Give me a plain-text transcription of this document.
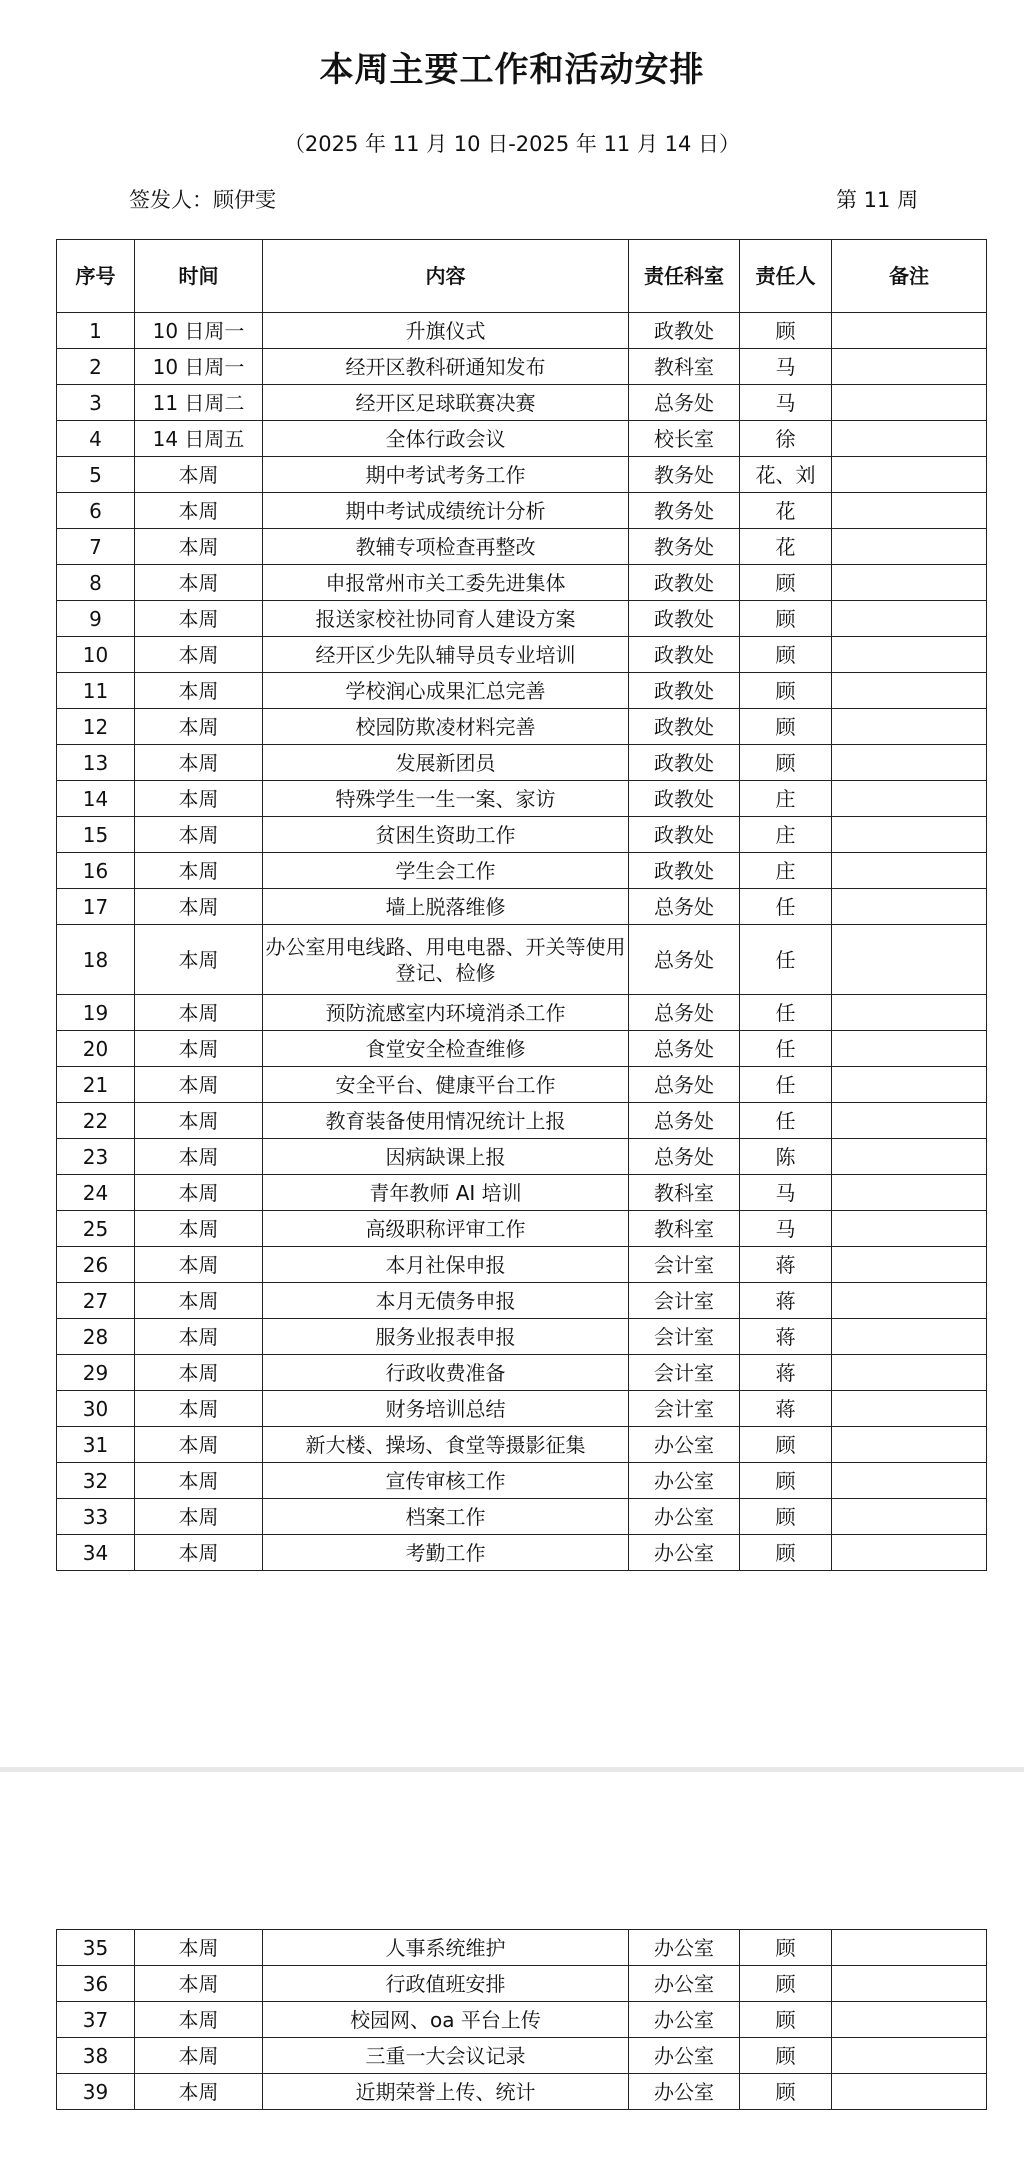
本周主要工作和活动安排
（2025 年 11 月 10 日-2025 年 11 月 14 日）
签发人：顾伊雯	第 11 周
序号	时间	内容	责任科室	责任人	备注
1	10 日周一	升旗仪式	政教处	顾	
2	10 日周一	经开区教科研通知发布	教科室	马	
3	11 日周二	经开区足球联赛决赛	总务处	马	
4	14 日周五	全体行政会议	校长室	徐	
5	本周	期中考试考务工作	教务处	花、刘	
6	本周	期中考试成绩统计分析	教务处	花	
7	本周	教辅专项检查再整改	教务处	花	
8	本周	申报常州市关工委先进集体	政教处	顾	
9	本周	报送家校社协同育人建设方案	政教处	顾	
10	本周	经开区少先队辅导员专业培训	政教处	顾	
11	本周	学校润心成果汇总完善	政教处	顾	
12	本周	校园防欺凌材料完善	政教处	顾	
13	本周	发展新团员	政教处	顾	
14	本周	特殊学生一生一案、家访	政教处	庄	
15	本周	贫困生资助工作	政教处	庄	
16	本周	学生会工作	政教处	庄	
17	本周	墙上脱落维修	总务处	任	
18	本周	办公室用电线路、用电电器、开关等使用登记、检修	总务处	任	
19	本周	预防流感室内环境消杀工作	总务处	任	
20	本周	食堂安全检查维修	总务处	任	
21	本周	安全平台、健康平台工作	总务处	任	
22	本周	教育装备使用情况统计上报	总务处	任	
23	本周	因病缺课上报	总务处	陈	
24	本周	青年教师 AI 培训	教科室	马	
25	本周	高级职称评审工作	教科室	马	
26	本周	本月社保申报	会计室	蒋	
27	本周	本月无债务申报	会计室	蒋	
28	本周	服务业报表申报	会计室	蒋	
29	本周	行政收费准备	会计室	蒋	
30	本周	财务培训总结	会计室	蒋	
31	本周	新大楼、操场、食堂等摄影征集	办公室	顾	
32	本周	宣传审核工作	办公室	顾	
33	本周	档案工作	办公室	顾	
34	本周	考勤工作	办公室	顾	
35	本周	人事系统维护	办公室	顾	
36	本周	行政值班安排	办公室	顾	
37	本周	校园网、oa 平台上传	办公室	顾	
38	本周	三重一大会议记录	办公室	顾	
39	本周	近期荣誉上传、统计	办公室	顾	
